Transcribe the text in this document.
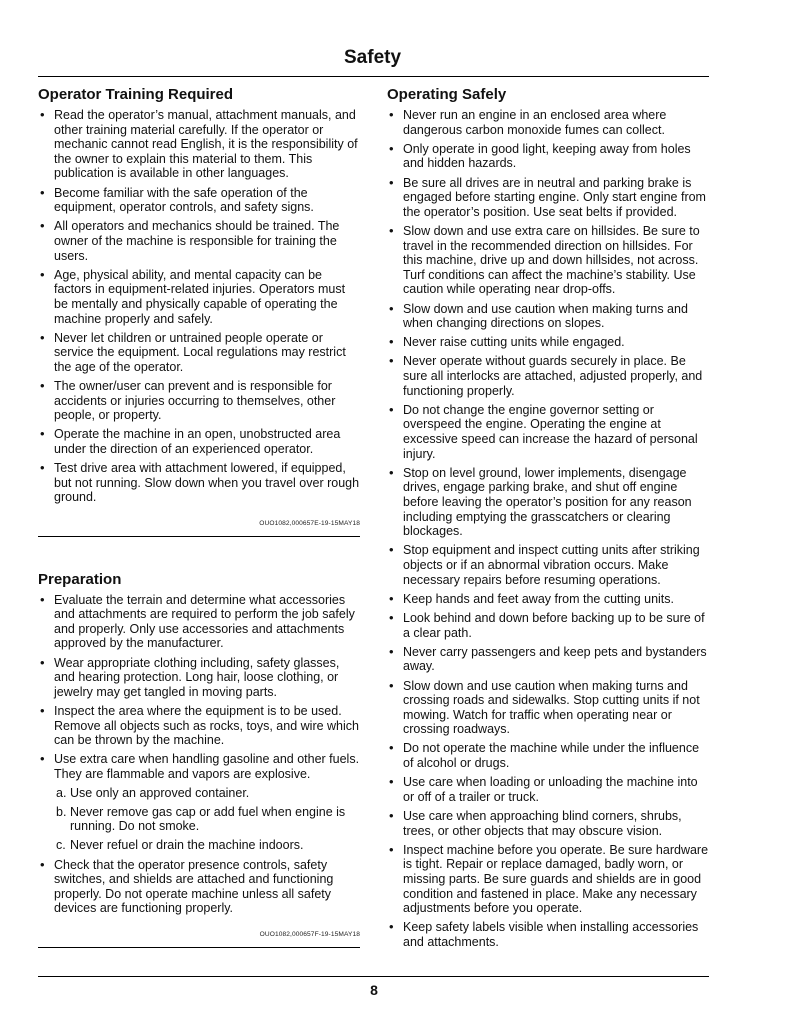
Safety
Operator Training Required
• Read the operator’s manual, attachment manuals, and other training material carefully. If the operator or mechanic cannot read English, it is the responsibility of the owner to explain this material to them. This publication is available in other languages.
• Become familiar with the safe operation of the equipment, operator controls, and safety signs.
• All operators and mechanics should be trained. The owner of the machine is responsible for training the users.
• Age, physical ability, and mental capacity can be factors in equipment-related injuries. Operators must be mentally and physically capable of operating the machine properly and safely.
• Never let children or untrained people operate or service the equipment. Local regulations may restrict the age of the operator.
• The owner/user can prevent and is responsible for accidents or injuries occurring to themselves, other people, or property.
• Operate the machine in an open, unobstructed area under the direction of an experienced operator.
• Test drive area with attachment lowered, if equipped, but not running. Slow down when you travel over rough ground.
OUO1082,000657E-19-15MAY18
Preparation
• Evaluate the terrain and determine what accessories and attachments are required to perform the job safely and properly. Only use accessories and attachments approved by the manufacturer.
• Wear appropriate clothing including, safety glasses, and hearing protection. Long hair, loose clothing, or jewelry may get tangled in moving parts.
• Inspect the area where the equipment is to be used. Remove all objects such as rocks, toys, and wire which can be thrown by the machine.
• Use extra care when handling gasoline and other fuels. They are flammable and vapors are explosive.
a. Use only an approved container.
b. Never remove gas cap or add fuel when engine is running. Do not smoke.
c. Never refuel or drain the machine indoors.
• Check that the operator presence controls, safety switches, and shields are attached and functioning properly. Do not operate machine unless all safety devices are functioning properly.
OUO1082,000657F-19-15MAY18
Operating Safely
• Never run an engine in an enclosed area where dangerous carbon monoxide fumes can collect.
• Only operate in good light, keeping away from holes and hidden hazards.
• Be sure all drives are in neutral and parking brake is engaged before starting engine. Only start engine from the operator’s position. Use seat belts if provided.
• Slow down and use extra care on hillsides. Be sure to travel in the recommended direction on hillsides. For this machine, drive up and down hillsides, not across. Turf conditions can affect the machine’s stability. Use caution while operating near drop-offs.
• Slow down and use caution when making turns and when changing directions on slopes.
• Never raise cutting units while engaged.
• Never operate without guards securely in place. Be sure all interlocks are attached, adjusted properly, and functioning properly.
• Do not change the engine governor setting or overspeed the engine. Operating the engine at excessive speed can increase the hazard of personal injury.
• Stop on level ground, lower implements, disengage drives, engage parking brake, and shut off engine before leaving the operator’s position for any reason including emptying the grasscatchers or clearing blockages.
• Stop equipment and inspect cutting units after striking objects or if an abnormal vibration occurs. Make necessary repairs before resuming operations.
• Keep hands and feet away from the cutting units.
• Look behind and down before backing up to be sure of a clear path.
• Never carry passengers and keep pets and bystanders away.
• Slow down and use caution when making turns and crossing roads and sidewalks. Stop cutting units if not mowing. Watch for traffic when operating near or crossing roadways.
• Do not operate the machine while under the influence of alcohol or drugs.
• Use care when loading or unloading the machine into or off of a trailer or truck.
• Use care when approaching blind corners, shrubs, trees, or other objects that may obscure vision.
• Inspect machine before you operate. Be sure hardware is tight. Repair or replace damaged, badly worn, or missing parts. Be sure guards and shields are in good condition and fastened in place. Make any necessary adjustments before you operate.
• Keep safety labels visible when installing accessories and attachments.
8
